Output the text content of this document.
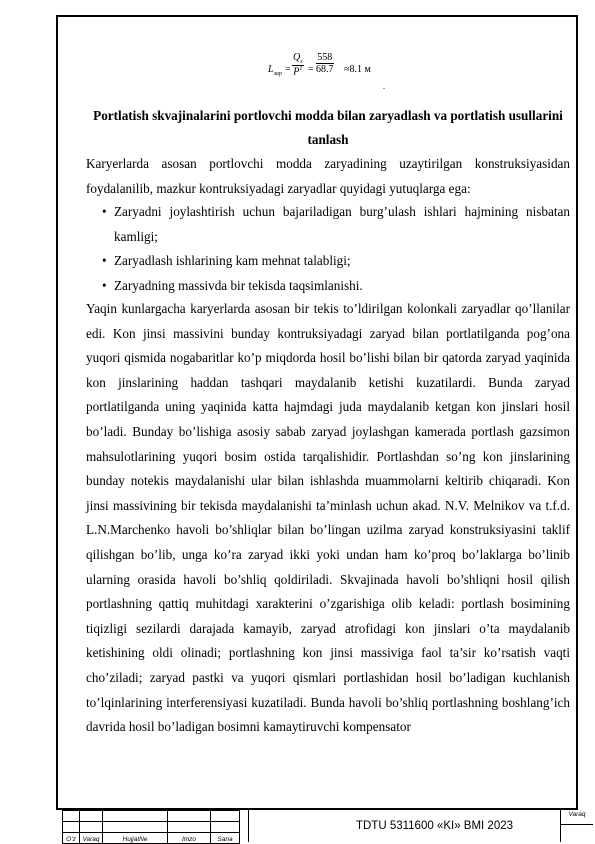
$L_{зар} = \frac{Q_z}{P^1} = \frac{558}{68.7} \approx 8.1$ м
.
Portlatish skvajinalarini portlovchi modda bilan zaryadlash va portlatish usullarini tanlash
Karyerlarda asosan portlovchi modda zaryadining uzaytirilgan konstruksiyasidan foydalanilib, mazkur kontruksiyadagi zaryadlar quyidagi yutuqlarga ega:
• Zaryadni joylashtirish uchun bajariladigan burg’ulash ishlari hajmining nisbatan kamligi;
• Zaryadlash ishlarining kam mehnat talabligi;
• Zaryadning massivda bir tekisda taqsimlanishi.
Yaqin kunlargacha karyerlarda asosan bir tekis to’ldirilgan kolonkali zaryadlar qo’llanilar edi. Kon jinsi massivini bunday kontruksiyadagi zaryad bilan portlatilganda pog’ona yuqori qismida nogabaritlar ko’p miqdorda hosil bo’lishi bilan bir qatorda zaryad yaqinida kon jinslarining haddan tashqari maydalanib ketishi kuzatilardi. Bunda zaryad portlatilganda uning yaqinida katta hajmdagi juda maydalanib ketgan kon jinslari hosil bo’ladi. Bunday bo’lishiga asosiy sabab zaryad joylashgan kamerada portlash gazsimon mahsulotlarining yuqori bosim ostida tarqalishidir. Portlashdan so’ng kon jinslarining bunday notekis maydalanishi ular bilan ishlashda muammolarni keltirib chiqaradi. Kon jinsi massivining bir tekisda maydalanishi ta’minlash uchun akad. N.V. Melnikov va t.f.d. L.N.Marchenko havoli bo’shliqlar bilan bo’lingan uzilma zaryad konstruksiyasini taklif qilishgan bo’lib, unga ko’ra zaryad ikki yoki undan ham ko’proq bo’laklarga bo’linib ularning orasida havoli bo’shliq qoldiriladi. Skvajinada havoli bo’shliqni hosil qilish portlashning qattiq muhitdagi xarakterini o’zgarishiga olib keladi: portlash bosimining tiqizligi sezilardi darajada kamayib, zaryad atrofidagi kon jinslari o’ta maydalanib ketishining oldi olinadi; portlashning kon jinsi massiviga faol ta’sir ko’rsatish vaqti cho’ziladi; zaryad pastki va yuqori qismlari portlashidan hosil bo’ladigan kuchlanish to’lqinlarining interferensiyasi kuzatiladi. Bunda havoli bo’shliq portlashning boshlang’ich davrida hosil bo’ladigan bosimni kamaytiruvchi kompensator

O’z	Varaq	HujjatNe	Imzo	Sana
TDTU 5311600 «KI» BMI 2023
Varaq
